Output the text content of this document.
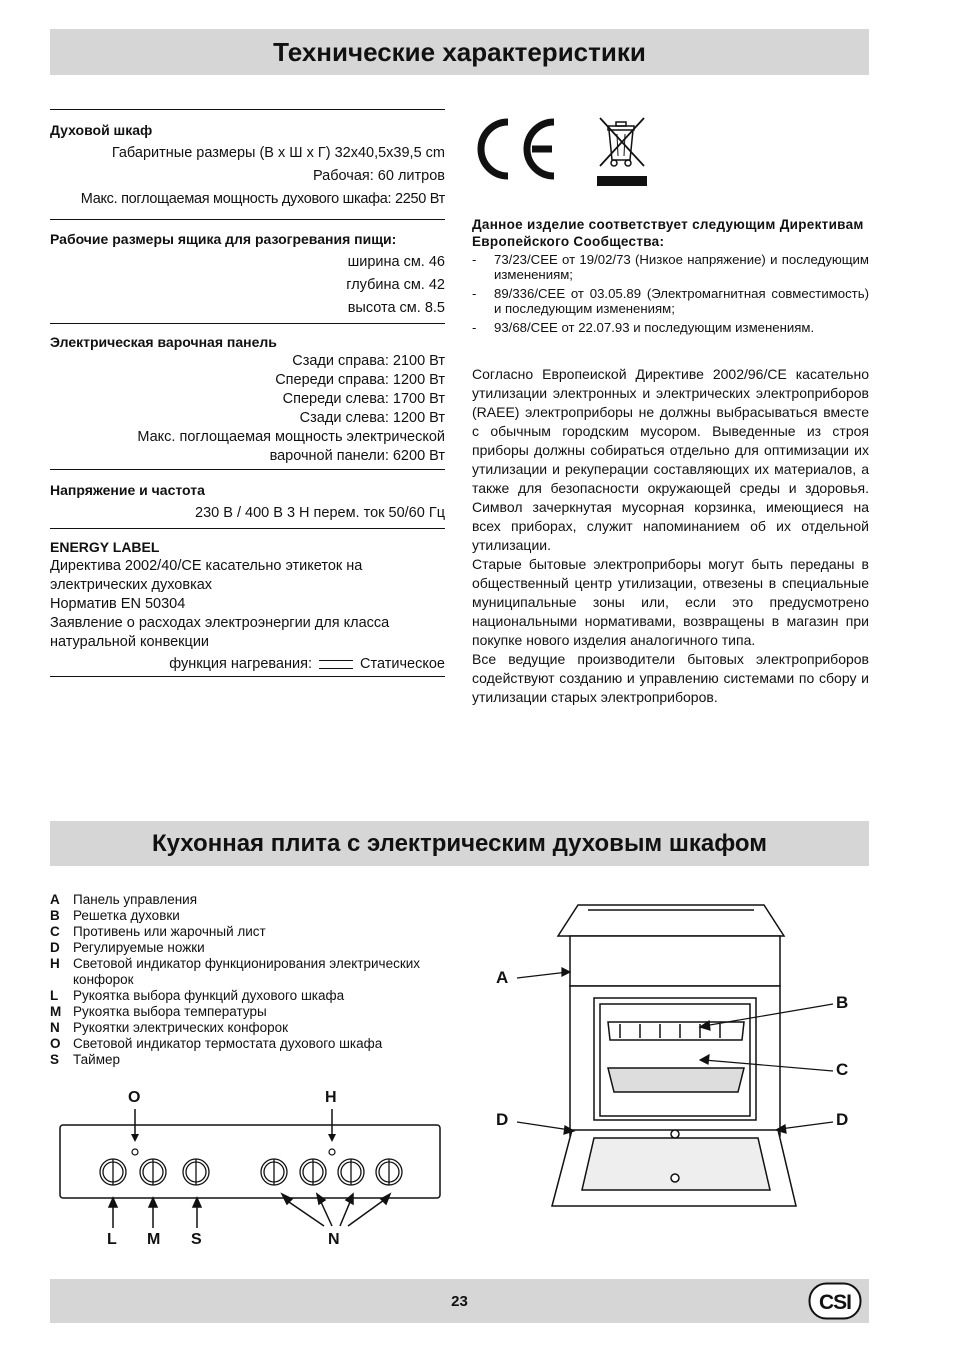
Технические характеристики
Духовой шкаф
Габаритные размеры (В х Ш х Г) 32х40,5х39,5 cm
Рабочая: 60 литров
Макс. поглощаемая мощность духового шкафа: 2250 Вт
Рабочие размеры ящика для разогревания пищи:
ширина см. 46
глубина см. 42
высота см. 8.5
Электрическая варочная панель
Сзади справа: 2100 Вт
Спереди справа: 1200 Вт
Спереди слева: 1700 Вт
Сзади слева: 1200 Вт
Макс. поглощаемая мощность электрической
варочной панели: 6200 Вт
Напряжение и частота
230 В / 400 В 3 Н перем. ток 50/60 Гц
ENERGY LABEL
Директива 2002/40/CE касательно этикеток на
электрических духовках
Норматив EN 50304
Заявление о расходах электроэнергии для класса
натуральной конвекции
функция нагревания:	Статическое
Данное изделие соответствует следующим Директивам Европейского Сообщества:
- 73/23/CEE от 19/02/73 (Низкое напряжение) и последующим изменениям;
- 89/336/CEE от 03.05.89 (Электромагнитная совместимость) и последующим изменениям;
- 93/68/CEE от 22.07.93 и последующим изменениям.

Согласно Европеиской Директиве 2002/96/CE касательно утилизации электронных и электрических электроприборов (RAEE) электроприборы не должны выбрасываться вместе с обычным городским мусором. Выведенные из строя приборы должны собираться отдельно для оптимизации их утилизации и рекуперации составляющих их материалов, а также для безопасности окружающей среды и здоровья. Символ зачеркнутая мусорная корзинка, имеющиеся на всех приборах, служит напоминанием об их отдельной утилизации.

Старые бытовые электроприборы могут быть переданы в общественный центр утилизации, отвезены в специальные муниципальные зоны или, если это предусмотрено национальными нормативами, возвращены в магазин при покупке нового изделия аналогичного типа.

Все ведущие производители бытовых электроприборов содействуют созданию и управлению системами по сбору и утилизации старых электроприборов.

Кухонная плита с электрическим духовым шкафом
A Панель управления
B Решетка духовки
C Противень или жарочный лист
D Регулируемые ножки
H Световой индикатор функционирования электрических конфорок
L	Рукоятка выбора функций духового шкафа
M Рукоятка выбора температуры
N Рукоятки электрических конфорок
O Световой индикатор термостата духового шкафа
S	Таймер
O	H
L M S	N
A
B
C
D	D
23	CSI
